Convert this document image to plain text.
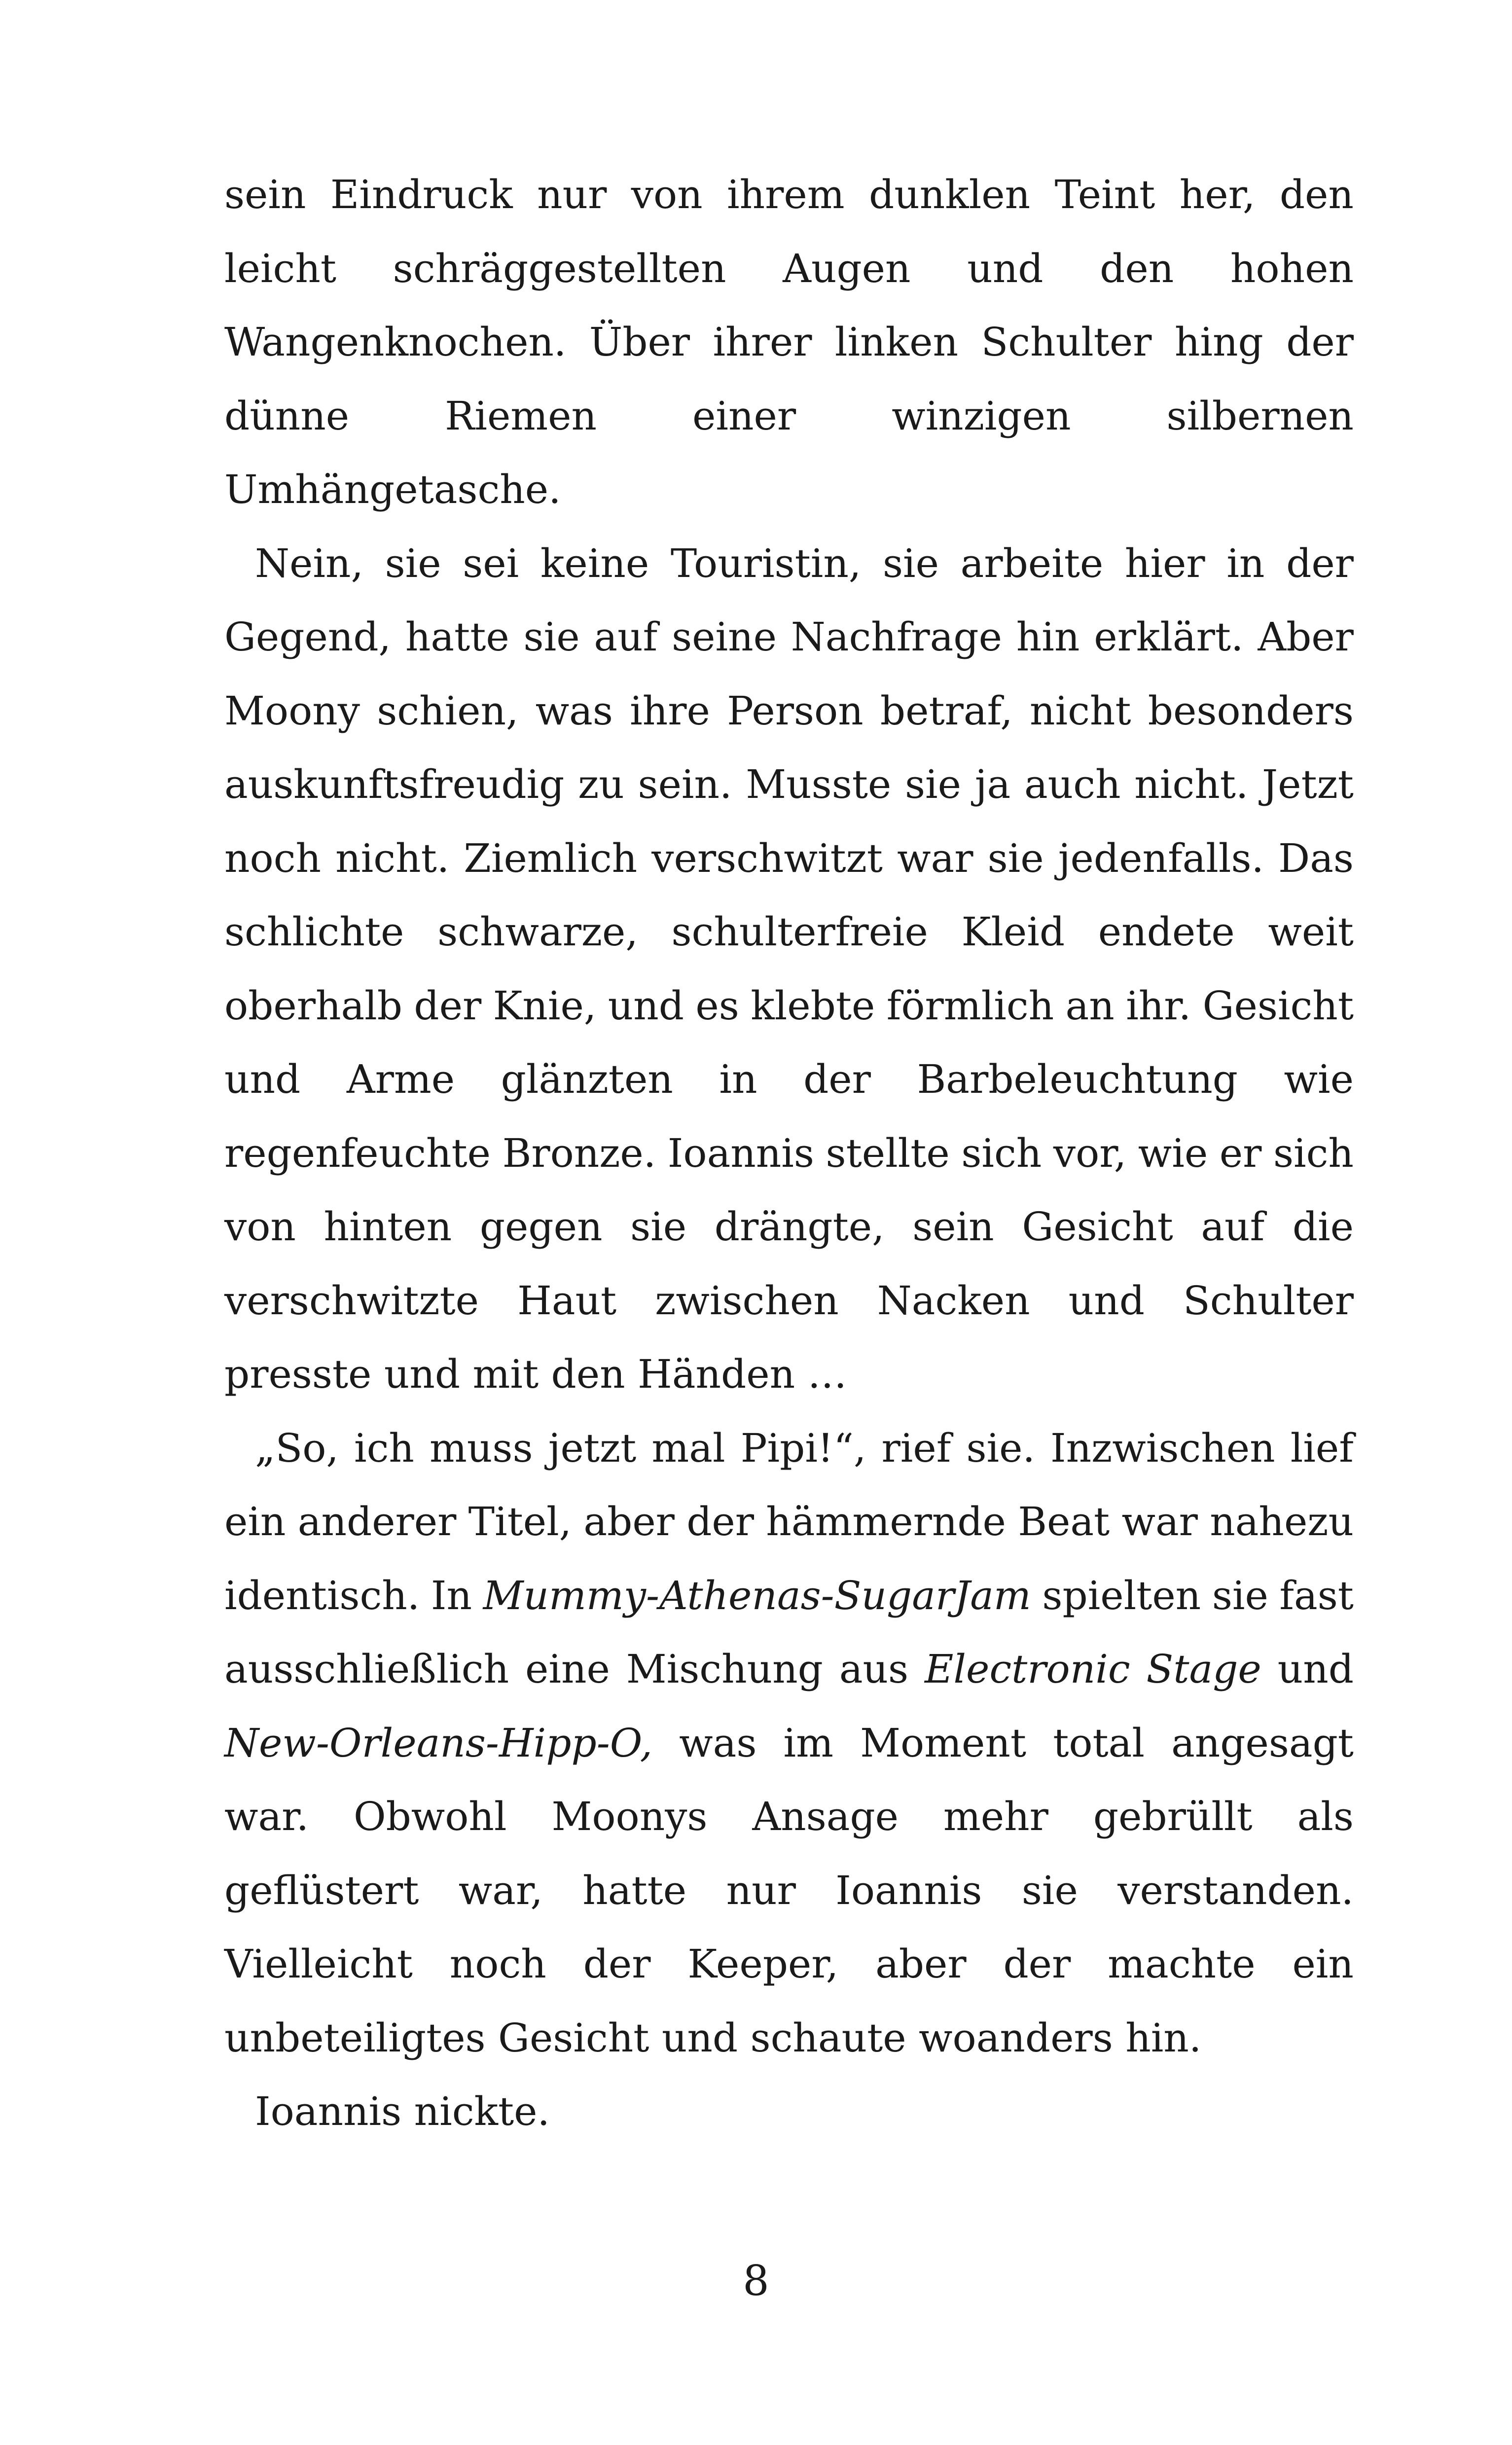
sein Eindruck nur von ihrem dunklen Teint her, den
leicht schräggestellten Augen und den hohen
Wangenknochen. Über ihrer linken Schulter hing der
dünne Riemen einer winzigen silbernen
Umhängetasche.
Nein, sie sei keine Touristin, sie arbeite hier in der
Gegend, hatte sie auf seine Nachfrage hin erklärt. Aber
Moony schien, was ihre Person betraf, nicht besonders
auskunftsfreudig zu sein. Musste sie ja auch nicht. Jetzt
noch nicht. Ziemlich verschwitzt war sie jedenfalls. Das
schlichte schwarze, schulterfreie Kleid endete weit
oberhalb der Knie, und es klebte förmlich an ihr. Gesicht
und Arme glänzten in der Barbeleuchtung wie
regenfeuchte Bronze. Ioannis stellte sich vor, wie er sich
von hinten gegen sie drängte, sein Gesicht auf die
verschwitzte Haut zwischen Nacken und Schulter
presste und mit den Händen …
„So, ich muss jetzt mal Pipi!“, rief sie. Inzwischen lief
ein anderer Titel, aber der hämmernde Beat war nahezu
identisch. In Mummy-Athenas-SugarJam spielten sie fast
ausschließlich eine Mischung aus Electronic Stage und
New-Orleans-Hipp-O, was im Moment total angesagt
war. Obwohl Moonys Ansage mehr gebrüllt als
geflüstert war, hatte nur Ioannis sie verstanden.
Vielleicht noch der Keeper, aber der machte ein
unbeteiligtes Gesicht und schaute woanders hin.
Ioannis nickte.
8
